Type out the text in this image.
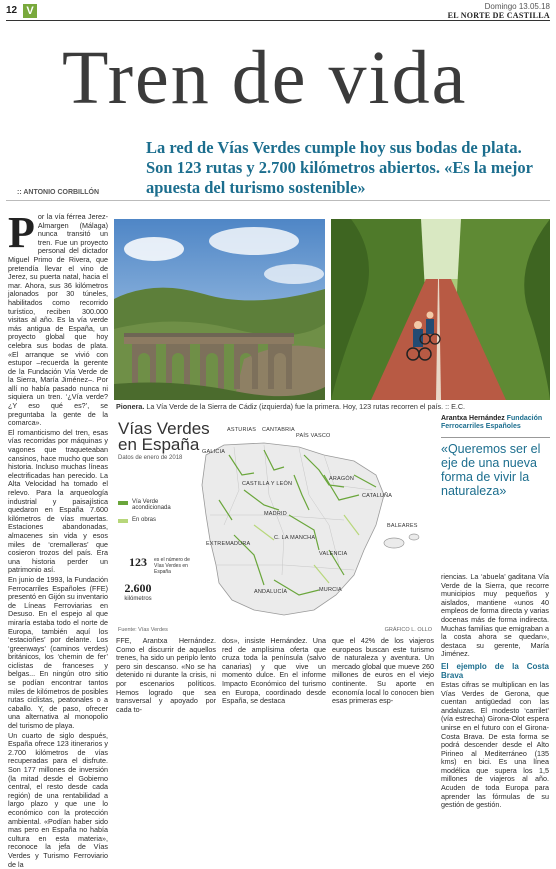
12 V	Domingo 13.05.18
EL NORTE DE CASTILLA
Tren de vida
La red de Vías Verdes cumple hoy sus bodas de plata. Son 123 rutas y 2.700 kilómetros abiertos. «Es la mejor apuesta del turismo sostenible»
:: ANTONIO CORBILLÓN
P or la vía férrea Jerez-Almargen (Málaga) nunca transitó un tren. Fue un proyecto personal del dictador Miguel Primo de Rivera, que pretendía llevar el vino de Jerez, su puerta natal, hacia el mar. Ahora, sus 36 kilómetros jalonados por 30 túneles, habilitados como recorrido turístico, reciben 300.000 visitas al año. Es la vía verde más antigua de España, un proyecto global que hoy celebra sus bodas de plata. «El arranque se vivió con estupor –recuerda la gerente de la Fundación Vía Verde de la Sierra, María Jiménez–. Por allí no había pasado nunca ni siquiera un tren. ‘¿Vía verde? ¿Y eso qué es?’, se preguntaba la gente de la comarca».

El romanticismo del tren, esas vías recorridas por máquinas y vagones que traqueteaban cansinos, hace mucho que son historia. Incluso muchas líneas electrificadas han perecido. La Alta Velocidad ha tomado el relevo. Para la arqueología industrial y paisajística quedaron en España 7.600 kilómetros de vías muertas. Estaciones abandonadas, almacenes sin vida y esos miles de ‘cremalleras’ que cosieron trozos del país. Era una historia perder un patrimonio así.

En junio de 1993, la Fundación Ferrocarriles Españoles (FFE) presentó en Gijón su inventario de Líneas Ferroviarias en Desuso. En el espejo al que miraría estaba todo el norte de Europa, también aquí los ‘estacioñes’ por delante. Los ‘greenways’ (caminos verdes) británicos, los ‘chemin de fer’ ciclistas de franceses y belgas... En ningún otro sitio se podían encontrar tantos miles de kilómetros de posibles rutas ciclistas, peatonales o a caballo. Y, de paso, ofrecer una alternativa al monopolio del turismo de playa.

Un cuarto de siglo después, España ofrece 123 itinerarios y 2.700 kilómetros de vías recuperadas para el disfrute. Son 177 millones de inversión (la mitad desde el Gobierno central, el resto desde cada región) de una rentabilidad a largo plazo y que une lo económico con la protección ambiental. «Podían haber sido mas pero en España no había cultura en esta materia», reconoce la jefa de Vías Verdes y Turismo Ferroviario de la

Pionera. La Vía Verde de la Sierra de Cádiz (izquierda) fue la primera. Hoy, 123 rutas recorren el país. :: E.C.
ASTURIAS CANTABRIA
PAÍS VASCO
GALICIA
CASTILLA Y LEÓN
ARAGÓN
CATALUÑA
MADRID
EXTREMADURA
C. LA MANCHA
BALEARES
VALENCIA
ANDALUCÍA	MURCIA
Vías Verdes en España
Datos de enero de 2018
Vía Verde acondicionada
En obras
123	es el número de Vías Verdes en España
2.600
kilómetros
Fuente: Vías Verdes	GRÁFICO L. OLLO
Arantxa Hernández Fundación Ferrocarriles Españoles
«Queremos ser el eje de una nueva forma de vivir la naturaleza»

FFE, Arantxa Hernández. Como el discurrir de aquellos trenes, ha sido un periplo lento pero sin descanso. «No se ha detenido ni durante la crisis, ni por escenarios políticos. Hemos logrado que sea transversal y apoyado por cada to-

dos», insiste Hernández. Una red de amplísima oferta que cruza toda la península (salvo canarias) y que vive un momento dulce. En el informe Impacto Económico del turismo en Europa, coordinado desde España, se destaca

que el 42% de los viajeros europeos buscan este turismo de naturaleza y aventura. Un mercado global que mueve 260 millones de euros en el viejo continente. Su aporte en economía local lo conocen bien esas primeras esp-

riencias. La ‘abuela’ gaditana Vía Verde de la Sierra, que recorre municipios muy pequeños y aislados, mantiene «unos 40 empleos de forma directa y varias docenas más de forma indirecta. Muchas familias que emigraban a la costa ahora se quedan», destaca su gerente, María Jiménez.

El ejemplo de la Costa Brava

Estas cifras se multiplican en las Vías Verdes de Gerona, que cuentan antigüedad con las andaluzas. El modesto ‘carrilet’ (vía estrecha) Girona-Olot espera unirse en el futuro con el Girona-Costa Brava. De esta forma se podrá descender desde el Alto Pirineo al Mediterráneo (135 kms) en bici. Es una línea modélica que supera los 1,5 millones de viajeros al año. Acuden de toda Europa para aprender las fórmulas de su gestión de gestión.
